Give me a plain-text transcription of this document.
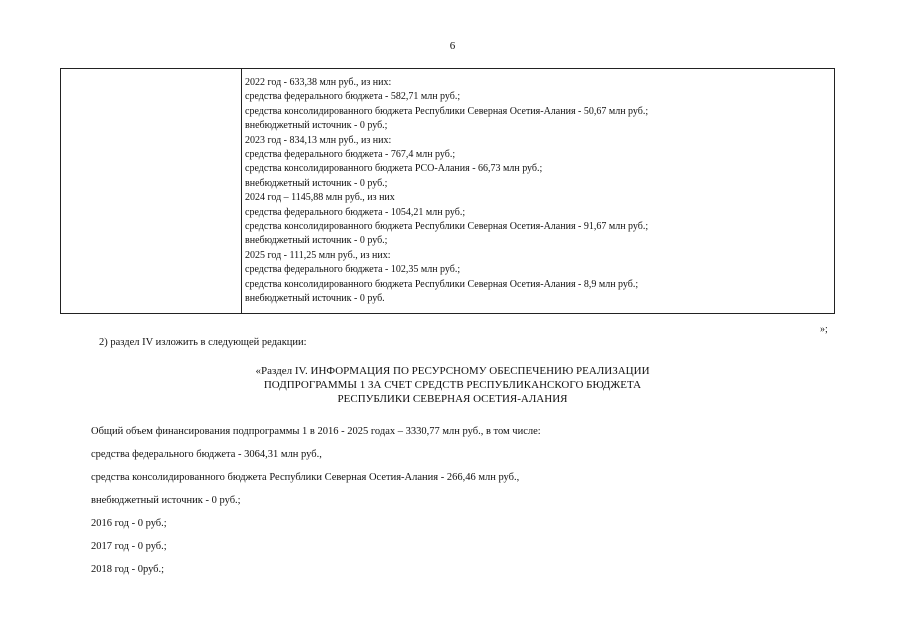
6
2022 год - 633,38 млн руб., из них:
средства федерального бюджета - 582,71 млн руб.;
средства консолидированного бюджета Республики Северная Осетия-Алания - 50,67 млн руб.;
внебюджетный источник - 0 руб.;
2023 год - 834,13 млн руб., из них:
средства федерального бюджета - 767,4 млн руб.;
средства консолидированного бюджета РСО-Алания - 66,73 млн руб.;
внебюджетный источник - 0 руб.;
2024 год – 1145,88 млн руб., из них
средства федерального бюджета - 1054,21 млн руб.;
средства консолидированного бюджета Республики Северная Осетия-Алания - 91,67 млн руб.;
внебюджетный источник - 0 руб.;
2025 год - 111,25 млн руб., из них:
средства федерального бюджета - 102,35 млн руб.;
средства консолидированного бюджета Республики Северная Осетия-Алания - 8,9 млн руб.;
внебюджетный источник - 0 руб.
»;
2) раздел IV изложить в следующей редакции:
«Раздел IV. ИНФОРМАЦИЯ ПО РЕСУРСНОМУ ОБЕСПЕЧЕНИЮ РЕАЛИЗАЦИИ
ПОДПРОГРАММЫ 1 ЗА СЧЕТ СРЕДСТВ РЕСПУБЛИКАНСКОГО БЮДЖЕТА
РЕСПУБЛИКИ СЕВЕРНАЯ ОСЕТИЯ-АЛАНИЯ
Общий объем финансирования подпрограммы 1 в 2016 - 2025 годах – 3330,77 млн руб., в том числе:
средства федерального бюджета - 3064,31 млн руб.,
средства консолидированного бюджета Республики Северная Осетия-Алания - 266,46 млн руб.,
внебюджетный источник - 0 руб.;
2016 год - 0 руб.;
2017 год - 0 руб.;
2018 год - 0руб.;
